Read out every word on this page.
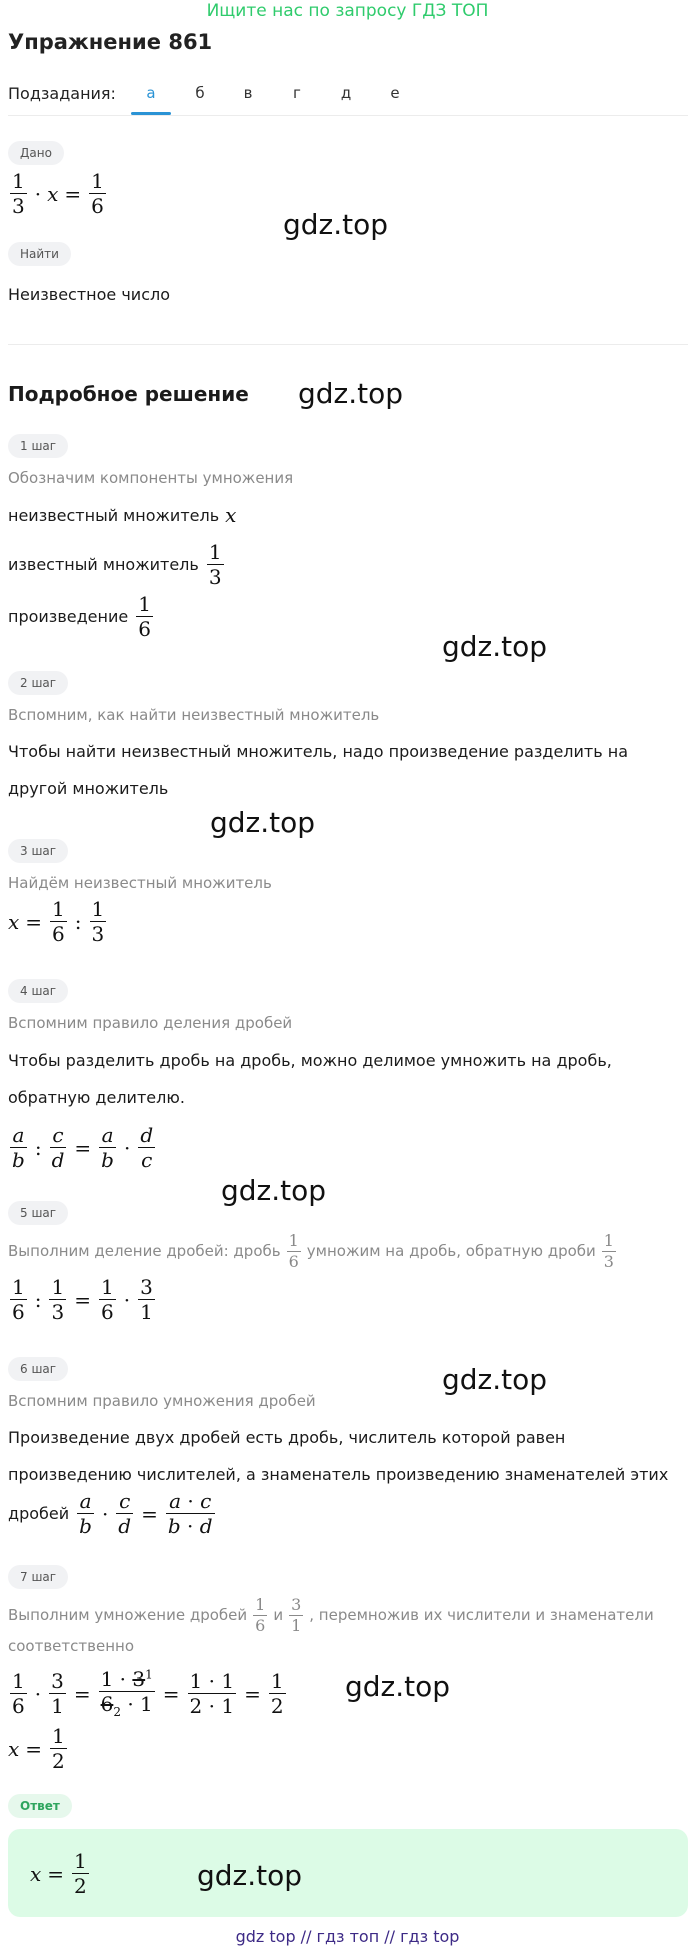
Ищите нас по запросу ГДЗ ТОП
Упражнение 861
Подзадания:	а	б	в	г	д	е
Дано
$\frac{1}{3} \cdot x = \frac{1}{6}$
gdz.top
Найти
Неизвестное число
Подробное решение gdz.top
1 шаг
Обозначим компоненты умножения
неизвестный множитель x
известный множитель $\frac{1}{3}$
произведение $\frac{1}{6}$
gdz.top
2 шаг
Вспомним, как найти неизвестный множитель
Чтобы найти неизвестный множитель, надо произведение разделить на
другой множитель
gdz.top
3 шаг
Найдём неизвестный множитель
$x = \frac{1}{6}$ : $\frac{1}{3}$
4 шаг
Вспомним правило деления дробей
Чтобы разделить дробь на дробь, можно делимое умножить на дробь,
обратную делителю.
$\frac{a}{b}$ : $\frac{c}{d} = \frac{a}{b} \cdot \frac{d}{c}$
gdz.top
5 шаг
Выполним деление дробей: дробь $\frac{1}{6}$ умножим на дробь, обратную дроби $\frac{1}{3}$
$\frac{1}{6}$ : $\frac{1}{3} = \frac{1}{6} \cdot \frac{3}{1}$
6 шаг	gdz.top
Вспомним правило умножения дробей
Произведение двух дробей есть дробь, числитель которой равен
произведению числителей, а знаменатель произведению знаменателей этих
дробей $\frac{a}{b} \cdot \frac{c}{d} = \frac{a \cdot c}{b \cdot d}$
7 шаг
Выполним умножение дробей $\frac{1}{6}$ и $\frac{3}{1}$ , перемножив их числители и знаменатели
соответственно
$\frac{1}{6} \cdot \frac{3}{1} = \frac{1 \cdot 3^1}{6_2 \cdot 1} = \frac{1 \cdot 1}{2 \cdot 1} = \frac{1}{2} gdz.top$
$x = \frac{1}{2}$
Ответ
$x = \frac{1}{2}$	gdz.top
gdz top // гдз топ // гдз top
